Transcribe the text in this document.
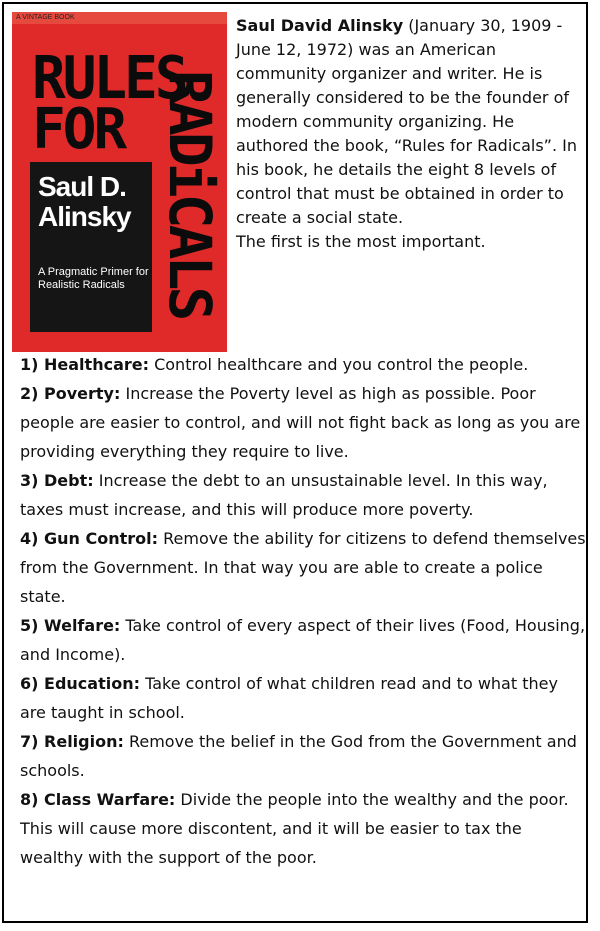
A VINTAGE BOOK
RULES
FOR RADiCALS
Saul D.
Alinsky
A Pragmatic Primer for Realistic Radicals
Saul David Alinsky (January 30, 1909 - June 12, 1972) was an American community organizer and writer. He is generally considered to be the founder of modern community organizing. He authored the book, “Rules for Radicals”. In his book, he details the eight 8 levels of control that must be obtained in order to create a social state.
The first is the most important.

1) Healthcare: Control healthcare and you control the people.

2) Poverty: Increase the Poverty level as high as possible. Poor people are easier to control, and will not fight back as long as you are providing everything they require to live.

3) Debt: Increase the debt to an unsustainable level. In this way, taxes must increase, and this will produce more poverty.

4) Gun Control: Remove the ability for citizens to defend themselves from the Government. In that way you are able to create a police state.

5) Welfare: Take control of every aspect of their lives (Food, Housing, and Income).

6) Education: Take control of what children read and to what they are taught in school.

7) Religion: Remove the belief in the God from the Government and schools.

8) Class Warfare: Divide the people into the wealthy and the poor. This will cause more discontent, and it will be easier to tax the wealthy with the support of the poor.
